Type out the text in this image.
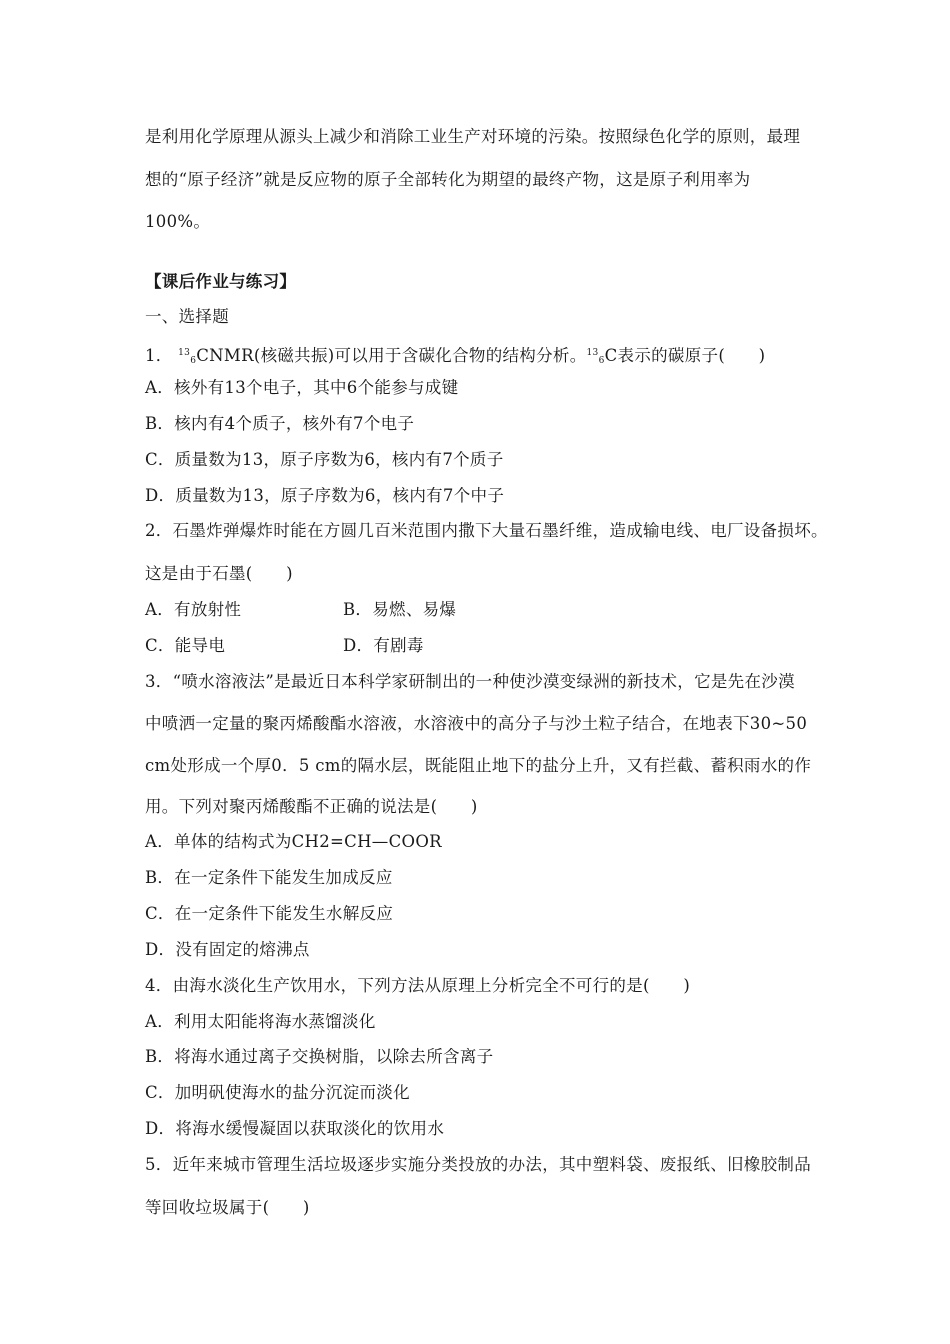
是利用化学原理从源头上减少和消除工业生产对环境的污染。按照绿色化学的原则，最理
想的“原子经济”就是反应物的原子全部转化为期望的最终产物，这是原子利用率为
100%。
【课后作业与练习】
一、选择题
1． $^{13}_6$CNMR(核磁共振)可以用于含碳化合物的结构分析。$^{13}_6$C表示的碳原子(　　)
A．核外有13个电子，其中6个能参与成键
B．核内有4个质子，核外有7个电子
C．质量数为13，原子序数为6，核内有7个质子
D．质量数为13，原子序数为6，核内有7个中子
2．石墨炸弹爆炸时能在方圆几百米范围内撒下大量石墨纤维，造成输电线、电厂设备损坏。
这是由于石墨(　　)
A．有放射性	B．易燃、易爆
C．能导电	D．有剧毒
3．“喷水溶液法”是最近日本科学家研制出的一种使沙漠变绿洲的新技术，它是先在沙漠
中喷洒一定量的聚丙烯酸酯水溶液，水溶液中的高分子与沙土粒子结合，在地表下30~50
cm处形成一个厚0．5 cm的隔水层，既能阻止地下的盐分上升，又有拦截、蓄积雨水的作
用。下列对聚丙烯酸酯不正确的说法是(　　)
A．单体的结构式为CH2=CH—COOR
B．在一定条件下能发生加成反应
C．在一定条件下能发生水解反应
D．没有固定的熔沸点
4．由海水淡化生产饮用水，下列方法从原理上分析完全不可行的是(　　)
A．利用太阳能将海水蒸馏淡化
B．将海水通过离子交换树脂，以除去所含离子
C．加明矾使海水的盐分沉淀而淡化
D．将海水缓慢凝固以获取淡化的饮用水
5．近年来城市管理生活垃圾逐步实施分类投放的办法，其中塑料袋、废报纸、旧橡胶制品
等回收垃圾属于(　　)
